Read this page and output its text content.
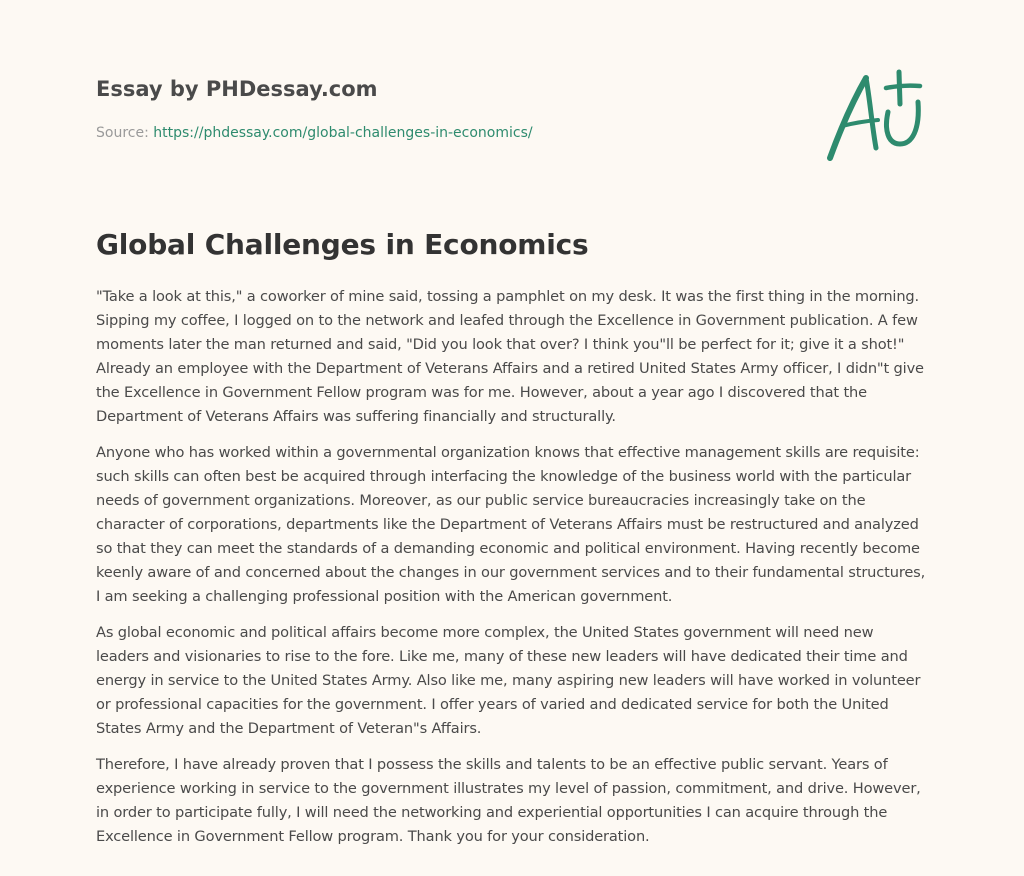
Essay by PHDessay.com
Source: https://phdessay.com/global-challenges-in-economics/
Global Challenges in Economics

"Take a look at this," a coworker of mine said, tossing a pamphlet on my desk. It was the first thing in the morning. Sipping my coffee, I logged on to the network and leafed through the Excellence in Government publication. A few moments later the man returned and said, "Did you look that over? I think you"ll be perfect for it; give it a shot!" Already an employee with the Department of Veterans Affairs and a retired United States Army officer, I didn"t give the Excellence in Government Fellow program was for me. However, about a year ago I discovered that the Department of Veterans Affairs was suffering financially and structurally.

Anyone who has worked within a governmental organization knows that effective management skills are requisite: such skills can often best be acquired through interfacing the knowledge of the business world with the particular needs of government organizations. Moreover, as our public service bureaucracies increasingly take on the character of corporations, departments like the Department of Veterans Affairs must be restructured and analyzed so that they can meet the standards of a demanding economic and political environment. Having recently become keenly aware of and concerned about the changes in our government services and to their fundamental structures, I am seeking a challenging professional position with the American government.

As global economic and political affairs become more complex, the United States government will need new leaders and visionaries to rise to the fore. Like me, many of these new leaders will have dedicated their time and energy in service to the United States Army. Also like me, many aspiring new leaders will have worked in volunteer or professional capacities for the government. I offer years of varied and dedicated service for both the United States Army and the Department of Veteran"s Affairs.

Therefore, I have already proven that I possess the skills and talents to be an effective public servant. Years of experience working in service to the government illustrates my level of passion, commitment, and drive. However, in order to participate fully, I will need the networking and experiential opportunities I can acquire through the Excellence in Government Fellow program. Thank you for your consideration.
